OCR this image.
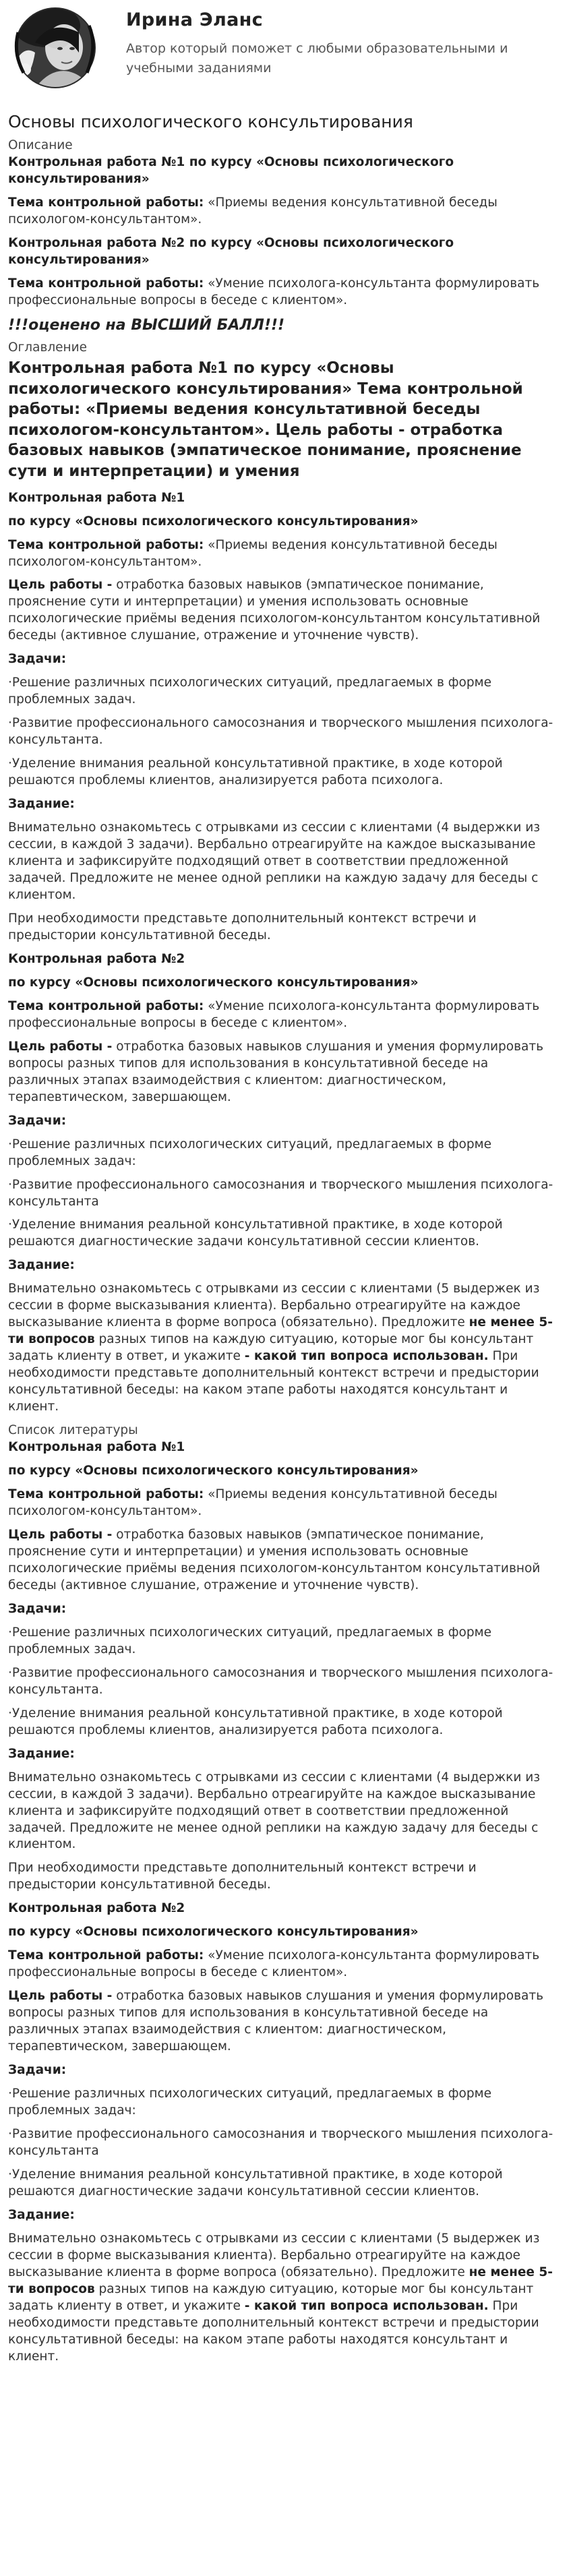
Ирина Эланс
Автор который поможет с любыми образовательными и учебными заданиями
Основы психологического консультирования
Описание

Контрольная работа №1 по курсу «Основы психологического консультирования»

Тема контрольной работы: «Приемы ведения консультативной беседы психологом-консультантом».

Контрольная работа №2 по курсу «Основы психологического консультирования»

Тема контрольной работы: «Умение психолога-консультанта формулировать профессиональные вопросы в беседе с клиентом».

!!!оценено на ВЫСШИЙ БАЛЛ!!!
Оглавление
Контрольная работа №1 по курсу «Основы психологического консультирования» Тема контрольной работы: «Приемы ведения консультативной беседы психологом-консультантом». Цель работы - отработка базовых навыков (эмпатическое понимание, прояснение сути и интерпретации) и умения

Контрольная работа №1

по курсу «Основы психологического консультирования»

Тема контрольной работы: «Приемы ведения консультативной беседы психологом-консультантом».

Цель работы - отработка базовых навыков (эмпатическое понимание, прояснение сути и интерпретации) и умения использовать основные психологические приёмы ведения психологом-консультантом консультативной беседы (активное слушание, отражение и уточнение чувств).

Задачи:

· Решение различных психологических ситуаций, предлагаемых в форме проблемных задач.

· Развитие профессионального самосознания и творческого мышления психолога-консультанта.

· Уделение внимания реальной консультативной практике, в ходе которой решаются проблемы клиентов, анализируется работа психолога.

Задание:

Внимательно ознакомьтесь с отрывками из сессии с клиентами (4 выдержки из сессии, в каждой 3 задачи). Вербально отреагируйте на каждое высказывание клиента и зафиксируйте подходящий ответ в соответствии предложенной задачей. Предложите не менее одной реплики на каждую задачу для беседы с клиентом.

При необходимости представьте дополнительный контекст встречи и предыстории консультативной беседы.

Контрольная работа №2

по курсу «Основы психологического консультирования»

Тема контрольной работы: «Умение психолога-консультанта формулировать профессиональные вопросы в беседе с клиентом».

Цель работы - отработка базовых навыков слушания и умения формулировать вопросы разных типов для использования в консультативной беседе на различных этапах взаимодействия с клиентом: диагностическом, терапевтическом, завершающем.

Задачи:

· Решение различных психологических ситуаций, предлагаемых в форме проблемных задач:

· Развитие профессионального самосознания и творческого мышления психолога-консультанта

· Уделение внимания реальной консультативной практике, в ходе которой решаются диагностические задачи консультативной сессии клиентов.

Задание:

Внимательно ознакомьтесь с отрывками из сессии с клиентами (5 выдержек из сессии в форме высказывания клиента). Вербально отреагируйте на каждое высказывание клиента в форме вопроса (обязательно). Предложите не менее 5-ти вопросов разных типов на каждую ситуацию, которые мог бы консультант задать клиенту в ответ, и укажите - какой тип вопроса использован. При необходимости представьте дополнительный контекст встречи и предыстории консультативной беседы: на каком этапе работы находятся консультант и клиент.

Список литературы

Контрольная работа №1

по курсу «Основы психологического консультирования»

Тема контрольной работы: «Приемы ведения консультативной беседы психологом-консультантом».

Цель работы - отработка базовых навыков (эмпатическое понимание, прояснение сути и интерпретации) и умения использовать основные психологические приёмы ведения психологом-консультантом консультативной беседы (активное слушание, отражение и уточнение чувств).

Задачи:

· Решение различных психологических ситуаций, предлагаемых в форме проблемных задач.

· Развитие профессионального самосознания и творческого мышления психолога-консультанта.

· Уделение внимания реальной консультативной практике, в ходе которой решаются проблемы клиентов, анализируется работа психолога.

Задание:

Внимательно ознакомьтесь с отрывками из сессии с клиентами (4 выдержки из сессии, в каждой 3 задачи). Вербально отреагируйте на каждое высказывание клиента и зафиксируйте подходящий ответ в соответствии предложенной задачей. Предложите не менее одной реплики на каждую задачу для беседы с клиентом.

При необходимости представьте дополнительный контекст встречи и предыстории консультативной беседы.

Контрольная работа №2

по курсу «Основы психологического консультирования»

Тема контрольной работы: «Умение психолога-консультанта формулировать профессиональные вопросы в беседе с клиентом».

Цель работы - отработка базовых навыков слушания и умения формулировать вопросы разных типов для использования в консультативной беседе на различных этапах взаимодействия с клиентом: диагностическом, терапевтическом, завершающем.

Задачи:

· Решение различных психологических ситуаций, предлагаемых в форме проблемных задач:

· Развитие профессионального самосознания и творческого мышления психолога-консультанта

· Уделение внимания реальной консультативной практике, в ходе которой решаются диагностические задачи консультативной сессии клиентов.

Задание:

Внимательно ознакомьтесь с отрывками из сессии с клиентами (5 выдержек из сессии в форме высказывания клиента). Вербально отреагируйте на каждое высказывание клиента в форме вопроса (обязательно). Предложите не менее 5-ти вопросов разных типов на каждую ситуацию, которые мог бы консультант задать клиенту в ответ, и укажите - какой тип вопроса использован. При необходимости представьте дополнительный контекст встречи и предыстории консультативной беседы: на каком этапе работы находятся консультант и клиент.
